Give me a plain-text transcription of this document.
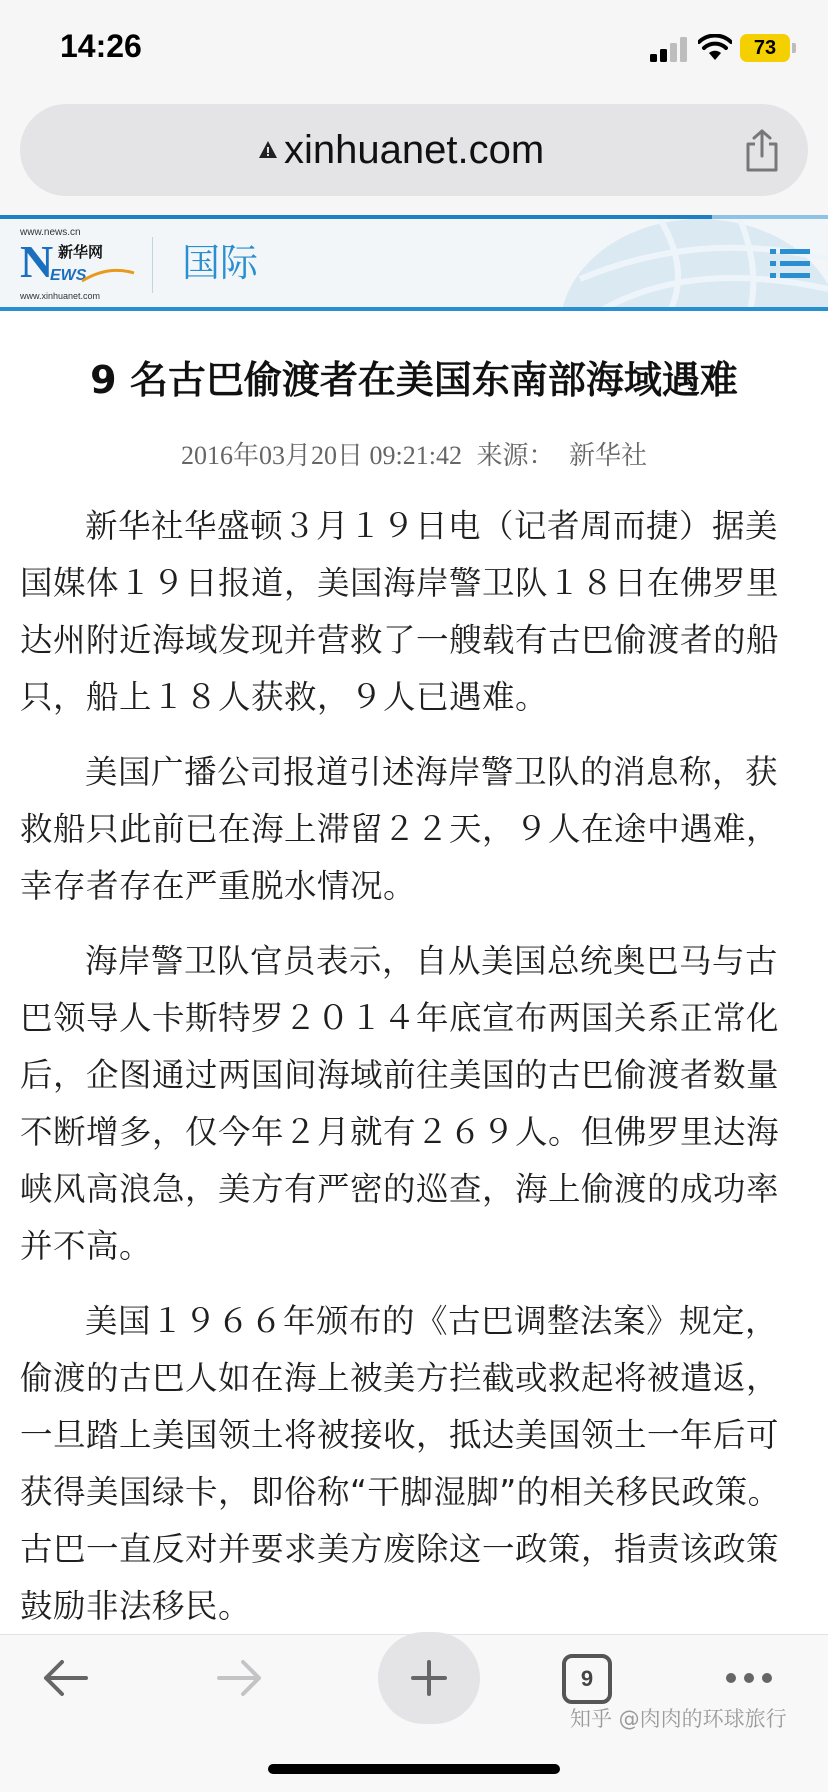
14:26	73
xinhuanet.com
www.news.cn
N 新华网
EWS
www.xinhuanet.com
国际
9 名古巴偷渡者在美国东南部海域遇难
2016年03月20日 09:21:42 来源： 新华社

新华社华盛顿３月１９日电（记者周而捷）据美国媒体１９日报道，美国海岸警卫队１８日在佛罗里达州附近海域发现并营救了一艘载有古巴偷渡者的船只，船上１８人获救，９人已遇难。

美国广播公司报道引述海岸警卫队的消息称，获救船只此前已在海上滞留２２天，９人在途中遇难，幸存者存在严重脱水情况。

海岸警卫队官员表示，自从美国总统奥巴马与古巴领导人卡斯特罗２０１４年底宣布两国关系正常化后，企图通过两国间海域前往美国的古巴偷渡者数量不断增多，仅今年２月就有２６９人。但佛罗里达海峡风高浪急，美方有严密的巡查，海上偷渡的成功率并不高。

美国１９６６年颁布的《古巴调整法案》规定，偷渡的古巴人如在海上被美方拦截或救起将被遣返，一旦踏上美国领土将被接收，抵达美国领土一年后可获得美国绿卡，即俗称“干脚湿脚”的相关移民政策。古巴一直反对并要求美方废除这一政策，指责该政策鼓励非法移民。

9
知乎 @肉肉的环球旅行
